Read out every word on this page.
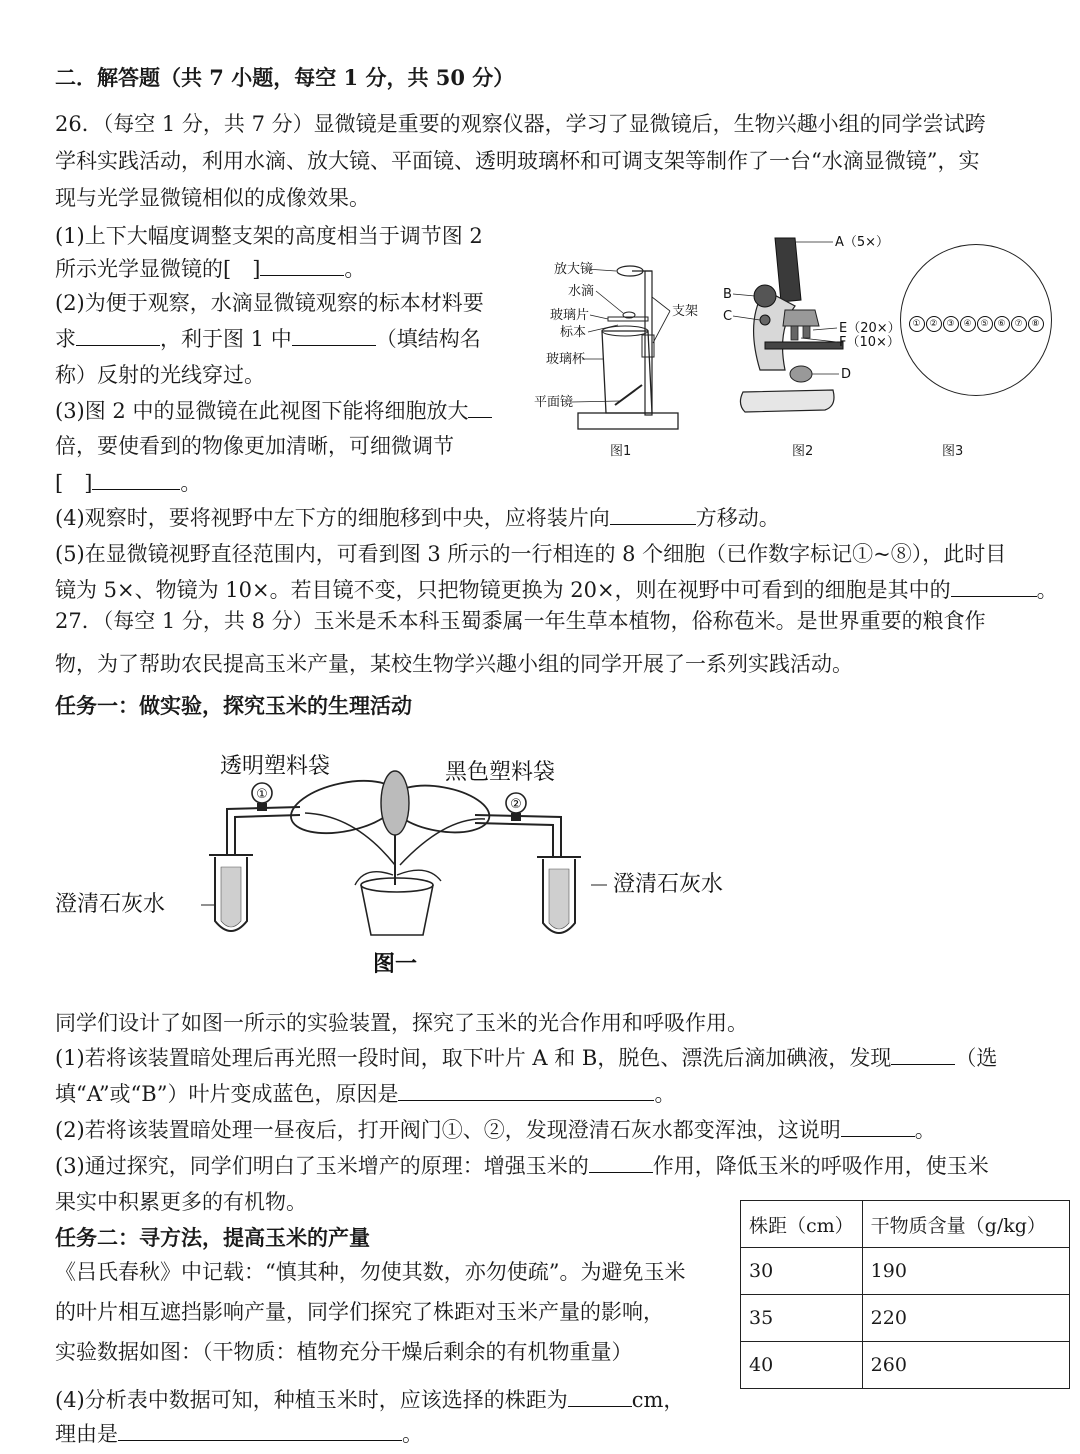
二．解答题（共 7 小题，每空 1 分，共 50 分）
26．（每空 1 分，共 7 分）显微镜是重要的观察仪器，学习了显微镜后，生物兴趣小组的同学尝试跨
学科实践活动，利用水滴、放大镜、平面镜、透明玻璃杯和可调支架等制作了一台“水滴显微镜”，实
现与光学显微镜相似的成像效果。
(1)上下大幅度调整支架的高度相当于调节图 2
所示光学显微镜的[　]	。
(2)为便于观察，水滴显微镜观察的标本材料要
求	，利于图 1 中	（填结构名
称）反射的光线穿过。
(3)图 2 中的显微镜在此视图下能将细胞放大
倍，要使看到的物像更加清晰，可细微调节
[　]	。
(4)观察时，要将视野中左下方的细胞移到中央，应将装片向	方移动。
(5)在显微镜视野直径范围内，可看到图 3 所示的一行相连的 8 个细胞（已作数字标记①~⑧），此时目
镜为 5×、物镜为 10×。若目镜不变，只把物镜更换为 20×，则在视野中可看到的细胞是其中的	。
放大镜
水滴
玻璃片
标本
玻璃杯
平面镜
支架
图1
A（5×）
B
C
E（20×）
F（10×）
D
图2
① ② ③ ④ ⑤ ⑥ ⑦ ⑧
图3
27．（每空 1 分，共 8 分）玉米是禾本科玉蜀黍属一年生草本植物，俗称苞米。是世界重要的粮食作
物，为了帮助农民提高玉米产量，某校生物学兴趣小组的同学开展了一系列实践活动。
任务一：做实验，探究玉米的生理活动
①
②
透明塑料袋	黑色塑料袋
澄清石灰水
澄清石灰水
图一
同学们设计了如图一所示的实验装置，探究了玉米的光合作用和呼吸作用。
(1)若将该装置暗处理后再光照一段时间，取下叶片 A 和 B，脱色、漂洗后滴加碘液，发现	（选
填“A”或“B”）叶片变成蓝色，原因是	。
(2)若将该装置暗处理一昼夜后，打开阀门①、②，发现澄清石灰水都变浑浊，这说明	。
(3)通过探究，同学们明白了玉米增产的原理：增强玉米的	作用，降低玉米的呼吸作用，使玉米
果实中积累更多的有机物。
任务二：寻方法，提高玉米的产量
《吕氏春秋》中记载：“慎其种，勿使其数，亦勿使疏”。为避免玉米
的叶片相互遮挡影响产量，同学们探究了株距对玉米产量的影响，
实验数据如图：（干物质：植物充分干燥后剩余的有机物重量）
(4)分析表中数据可知，种植玉米时，应该选择的株距为	cm，
理由是	。
株距（cm）	干物质含量（g/kg）
30	190
35	220
40	260
